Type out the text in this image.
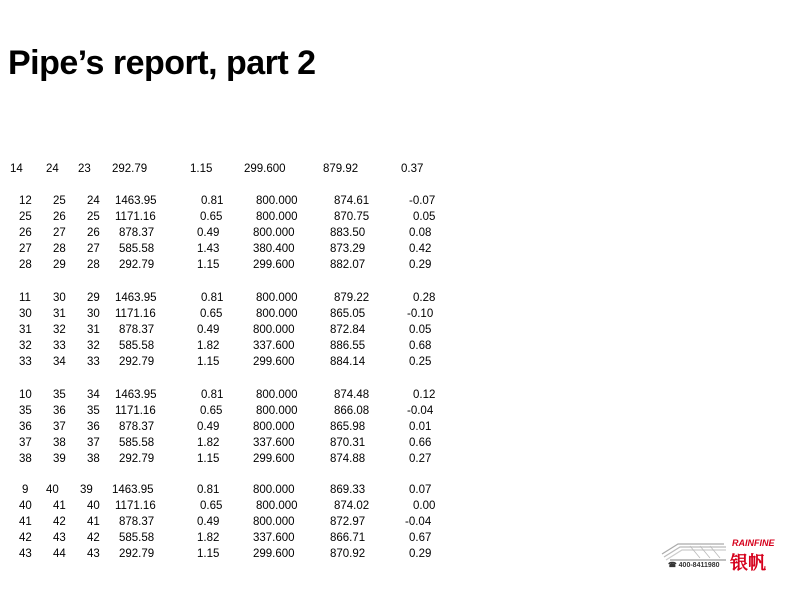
Pipe’s report, part 2
14 24 23 292.79	1.15	299.600	879.92	0.37
12 25 24 1463.95	0.81	800.000	874.61	-0.07
25 26 25 1171.16	0.65	800.000	870.75	0.05
26 27 26 878.37	0.49	800.000	883.50	0.08
27 28 27 585.58	1.43	380.400	873.29	0.42
28 29 28 292.79	1.15	299.600	882.07	0.29
11 30 29 1463.95	0.81	800.000	879.22	0.28
30 31 30 1171.16	0.65	800.000	865.05	-0.10
31 32 31 878.37	0.49	800.000	872.84	0.05
32 33 32 585.58	1.82	337.600	886.55	0.68
33 34 33 292.79	1.15	299.600	884.14	0.25
10 35 34 1463.95	0.81	800.000	874.48	0.12
35 36 35 1171.16	0.65	800.000	866.08	-0.04
36 37 36 878.37	0.49	800.000	865.98	0.01
37 38 37 585.58	1.82	337.600	870.31	0.66
38 39 38 292.79	1.15	299.600	874.88	0.27
9 40 39 1463.95	0.81	800.000	869.33	0.07
40 41 40 1171.16	0.65	800.000	874.02	0.00
41 42 41 878.37	0.49	800.000	872.97	-0.04
42 43 42 585.58	1.82	337.600	866.71	0.67
43 44 43 292.79	1.15	299.600	870.92	0.29
☎ 400-8411980
RAINFINE
银帆
